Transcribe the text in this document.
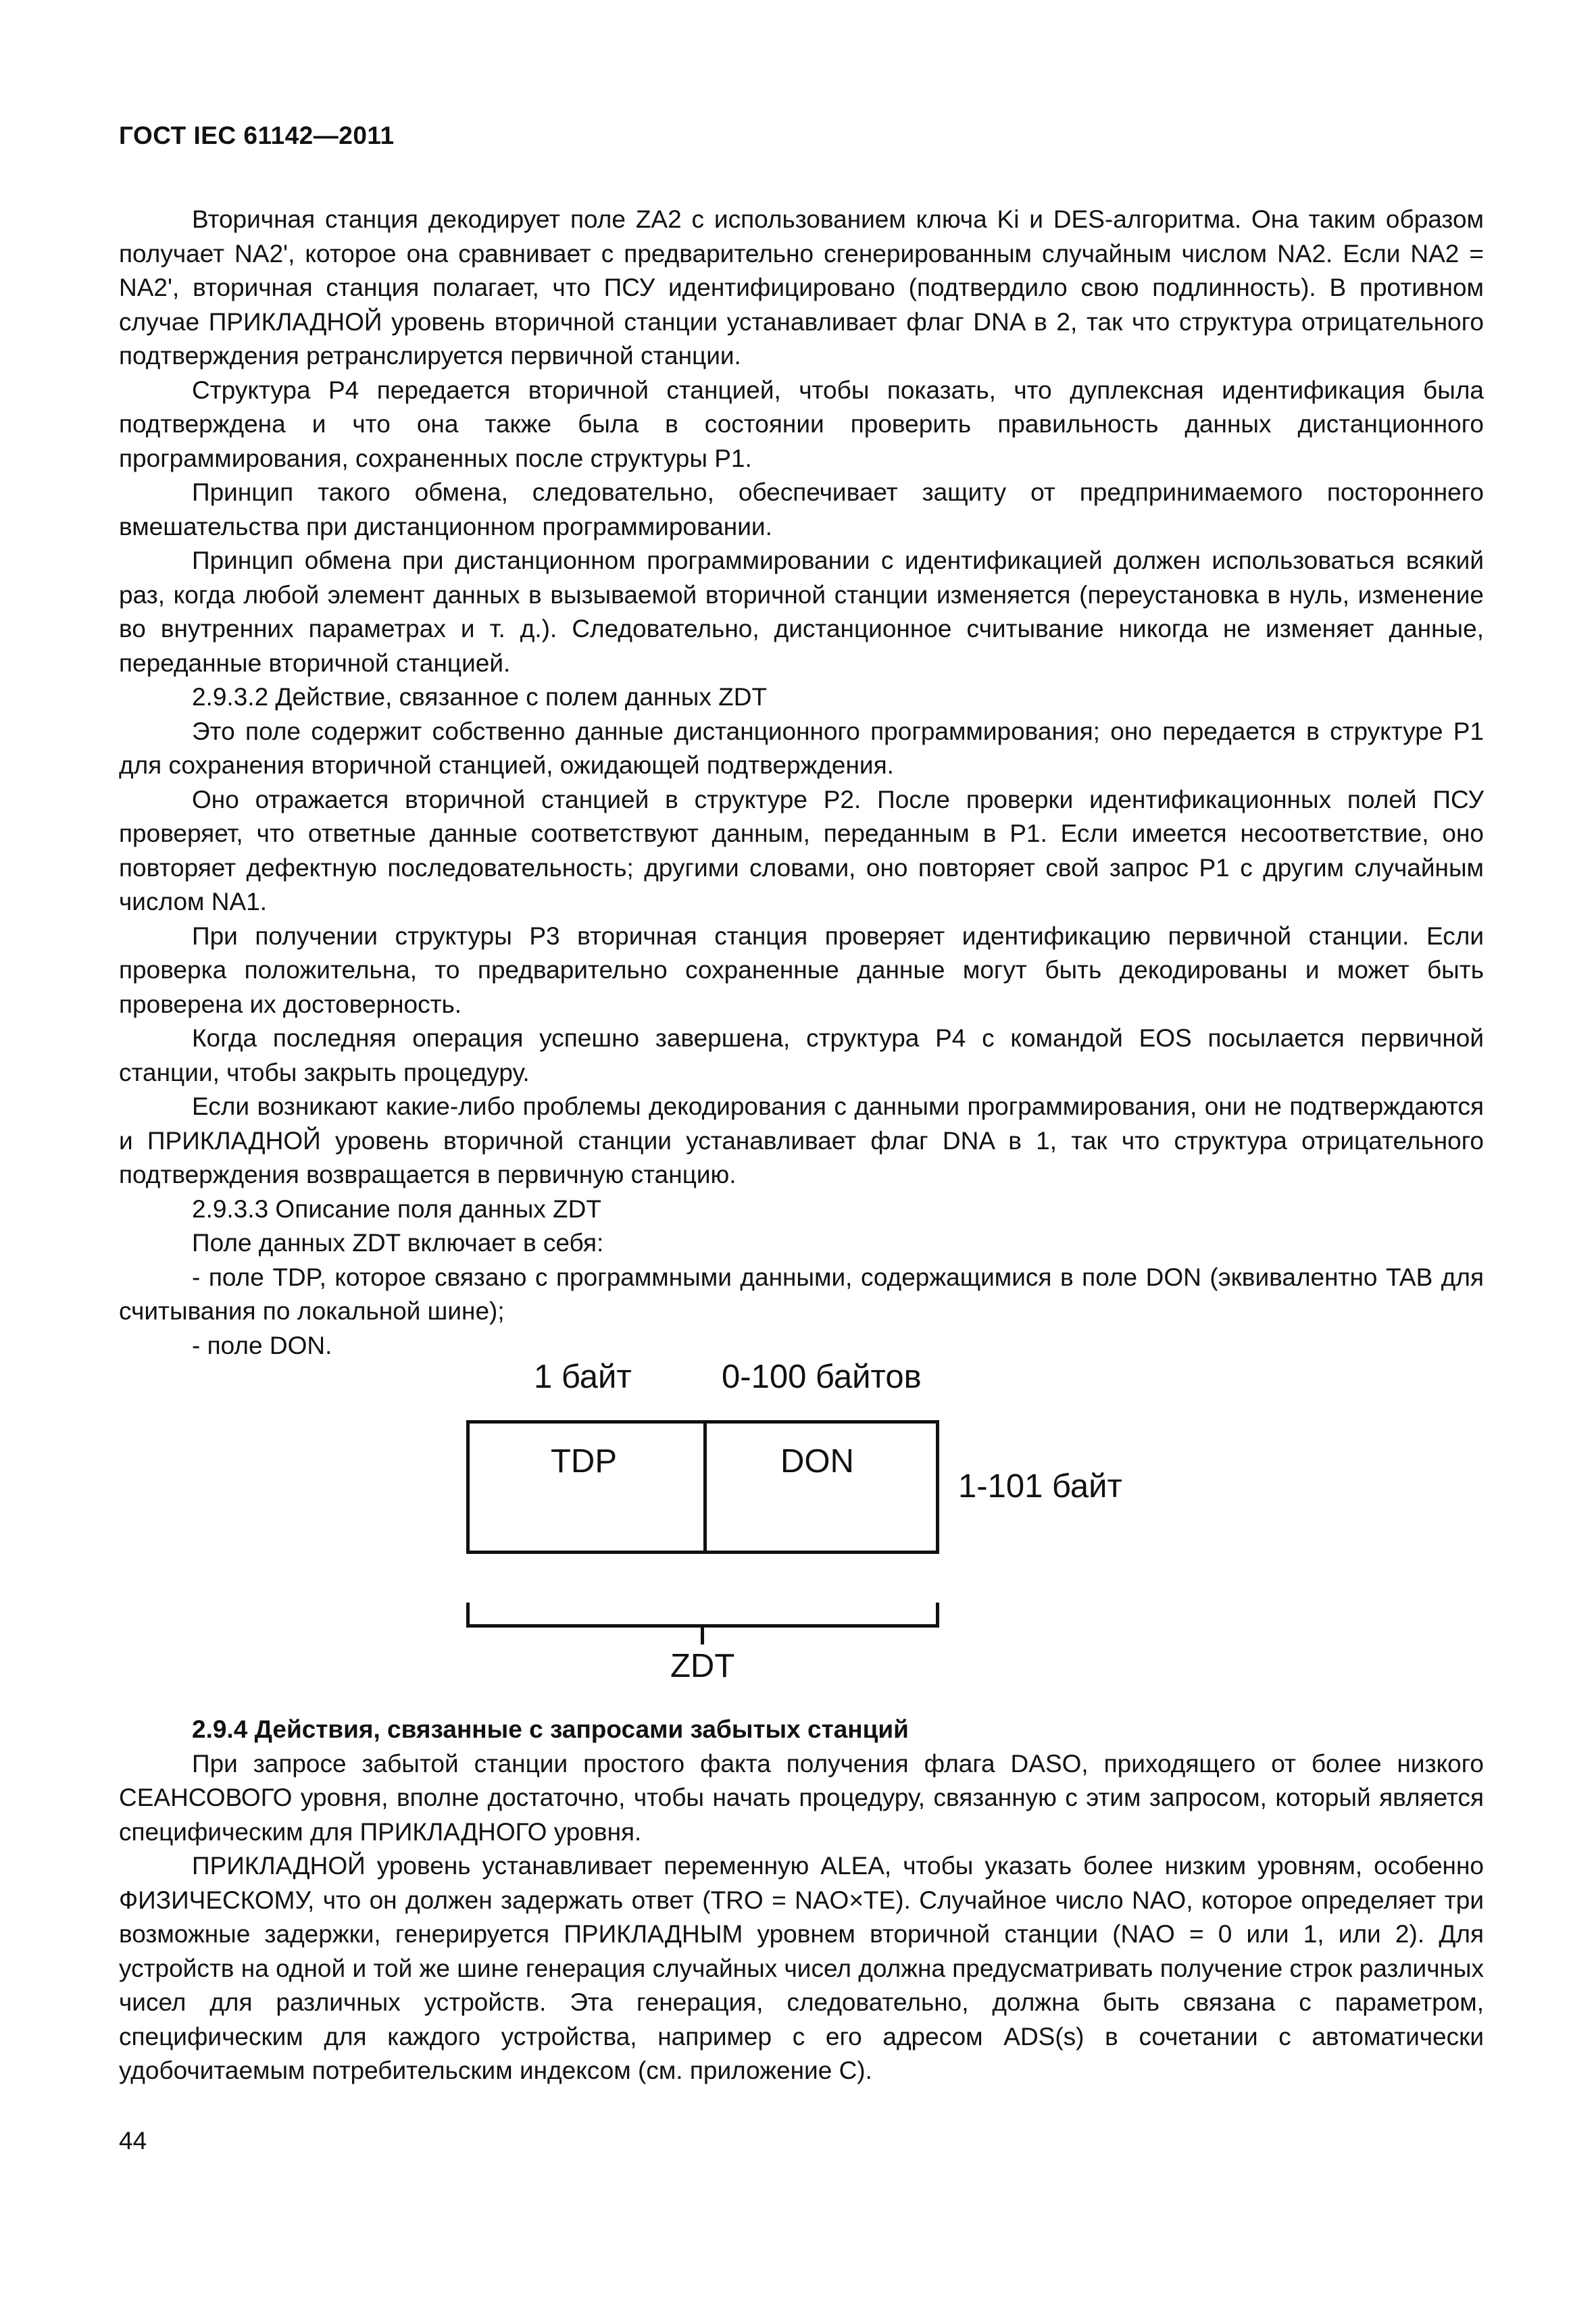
ГОСТ IEC 61142—2011

Вторичная станция декодирует поле ZA2 с использованием ключа Ki и DES-алгоритма. Она таким образом получает NA2', которое она сравнивает с предварительно сгенерированным случайным числом NA2. Если NA2 = NA2', вторичная станция полагает, что ПСУ идентифицировано (подтвердило свою подлинность). В противном случае ПРИКЛАДНОЙ уровень вторичной станции устанавливает флаг DNA в 2, так что структура отрицательного подтверждения ретранслируется первичной станции.

Структура P4 передается вторичной станцией, чтобы показать, что дуплексная идентификация была подтверждена и что она также была в состоянии проверить правильность данных дистанционного программирования, сохраненных после структуры P1.

Принцип такого обмена, следовательно, обеспечивает защиту от предпринимаемого постороннего вмешательства при дистанционном программировании.

Принцип обмена при дистанционном программировании с идентификацией должен использоваться всякий раз, когда любой элемент данных в вызываемой вторичной станции изменяется (переустановка в нуль, изменение во внутренних параметрах и т. д.). Следовательно, дистанционное считывание никогда не изменяет данные, переданные вторичной станцией.

2.9.3.2 Действие, связанное с полем данных ZDT

Это поле содержит собственно данные дистанционного программирования; оно передается в структуре P1 для сохранения вторичной станцией, ожидающей подтверждения.

Оно отражается вторичной станцией в структуре P2. После проверки идентификационных полей ПСУ проверяет, что ответные данные соответствуют данным, переданным в P1. Если имеется несоответствие, оно повторяет дефектную последовательность; другими словами, оно повторяет свой запрос P1 с другим случайным числом NA1.

При получении структуры P3 вторичная станция проверяет идентификацию первичной станции. Если проверка положительна, то предварительно сохраненные данные могут быть декодированы и может быть проверена их достоверность.

Когда последняя операция успешно завершена, структура P4 с командой EOS посылается первичной станции, чтобы закрыть процедуру.

Если возникают какие-либо проблемы декодирования с данными программирования, они не подтверждаются и ПРИКЛАДНОЙ уровень вторичной станции устанавливает флаг DNA в 1, так что структура отрицательного подтверждения возвращается в первичную станцию.

2.9.3.3 Описание поля данных ZDT

Поле данных ZDT включает в себя:

- поле TDP, которое связано с программными данными, содержащимися в поле DON (эквивалентно TAB для считывания по локальной шине);

- поле DON.

1 байт	0-100 байтов
TDP	DON
1-101 байт
ZDT

2.9.4 Действия, связанные с запросами забытых станций

При запросе забытой станции простого факта получения флага DASO, приходящего от более низкого СЕАНСОВОГО уровня, вполне достаточно, чтобы начать процедуру, связанную с этим запросом, который является специфическим для ПРИКЛАДНОГО уровня.

ПРИКЛАДНОЙ уровень устанавливает переменную ALEA, чтобы указать более низким уровням, особенно ФИЗИЧЕСКОМУ, что он должен задержать ответ (TRO = NAO×TE). Случайное число NAO, которое определяет три возможные задержки, генерируется ПРИКЛАДНЫМ уровнем вторичной станции (NAO = 0 или 1, или 2). Для устройств на одной и той же шине генерация случайных чисел должна предусматривать получение строк различных чисел для различных устройств. Эта генерация, следовательно, должна быть связана с параметром, специфическим для каждого устройства, например с его адресом ADS(s) в сочетании с автоматически удобочитаемым потребительским индексом (см. приложение С).

44
